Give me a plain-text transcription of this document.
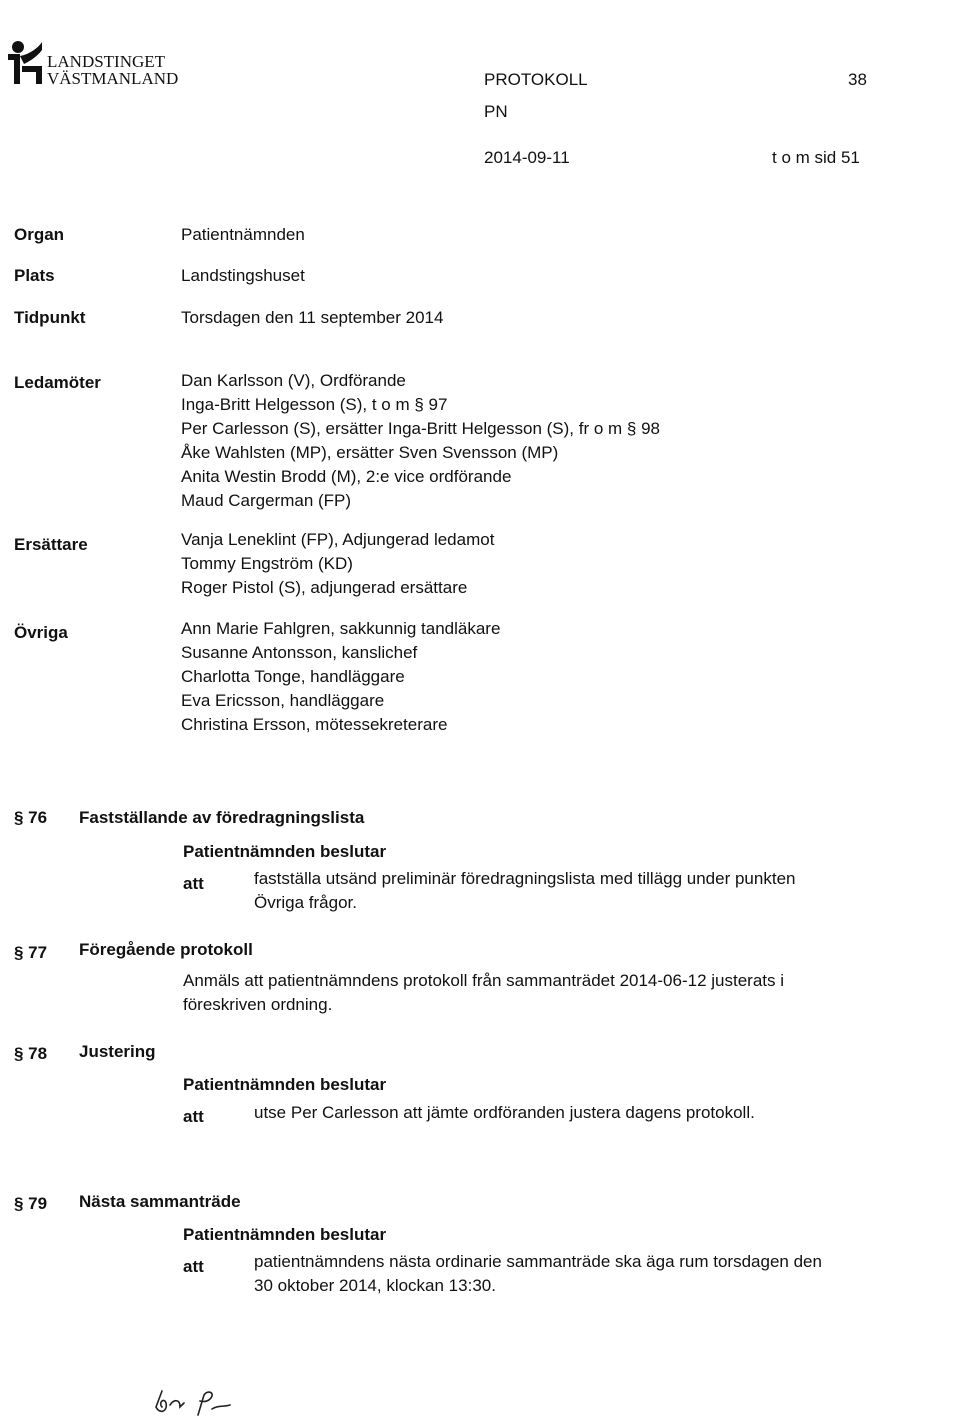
LANDSTINGET
VÄSTMANLAND	PROTOKOLL	38
PN
2014-09-11	t o m sid 51
Organ	Patientnämnden
Plats	Landstingshuset
Tidpunkt	Torsdagen den 11 september 2014
Ledamöter	Dan Karlsson (V), Ordförande
Inga-Britt Helgesson (S), t o m § 97
Per Carlesson (S), ersätter Inga-Britt Helgesson (S), fr o m § 98
Åke Wahlsten (MP), ersätter Sven Svensson (MP)
Anita Westin Brodd (M), 2:e vice ordförande
Maud Cargerman (FP)
Ersättare	Vanja Leneklint (FP), Adjungerad ledamot
Tommy Engström (KD)
Roger Pistol (S), adjungerad ersättare
Övriga	Ann Marie Fahlgren, sakkunnig tandläkare
Susanne Antonsson, kanslichef
Charlotta Tonge, handläggare
Eva Ericsson, handläggare
Christina Ersson, mötessekreterare
§ 76 Fastställande av föredragningslista
Patientnämnden beslutar
att	fastställa utsänd preliminär föredragningslista med tillägg under punkten
Övriga frågor.
§ 77 Föregående protokoll
Anmäls att patientnämndens protokoll från sammanträdet 2014-06-12 justerats i
föreskriven ordning.
§ 78 Justering
Patientnämnden beslutar
att	utse Per Carlesson att jämte ordföranden justera dagens protokoll.
§ 79 Nästa sammanträde
Patientnämnden beslutar
att	patientnämndens nästa ordinarie sammanträde ska äga rum torsdagen den
30 oktober 2014, klockan 13:30.
